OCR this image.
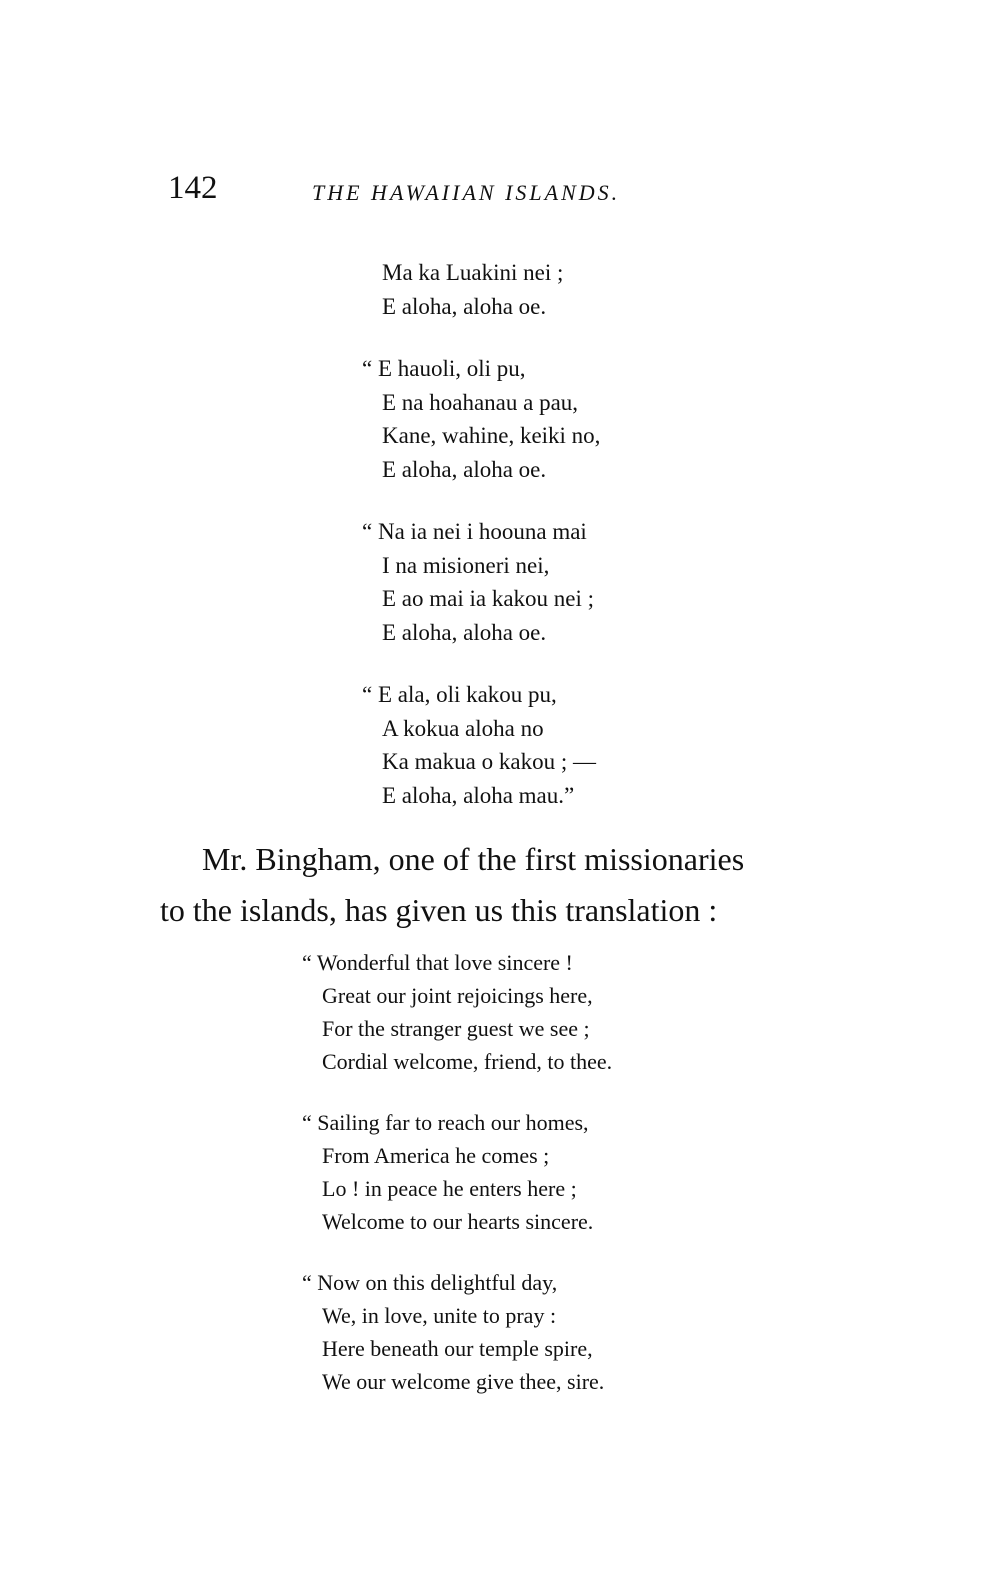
142	THE HAWAIIAN ISLANDS.
Ma ka Luakini nei ;
E aloha, aloha oe.
“ E hauoli, oli pu,
E na hoahanau a pau,
Kane, wahine, keiki no,
E aloha, aloha oe.
“ Na ia nei i hoouna mai
I na misioneri nei,
E ao mai ia kakou nei ;
E aloha, aloha oe.
“ E ala, oli kakou pu,
A kokua aloha no
Ka makua o kakou ; —
E aloha, aloha mau.”
Mr. Bingham, one of the first missionaries
to the islands, has given us this translation :
“ Wonderful that love sincere !
Great our joint rejoicings here,
For the stranger guest we see ;
Cordial welcome, friend, to thee.
“ Sailing far to reach our homes,
From America he comes ;
Lo ! in peace he enters here ;
Welcome to our hearts sincere.
“ Now on this delightful day,
We, in love, unite to pray :
Here beneath our temple spire,
We our welcome give thee, sire.
